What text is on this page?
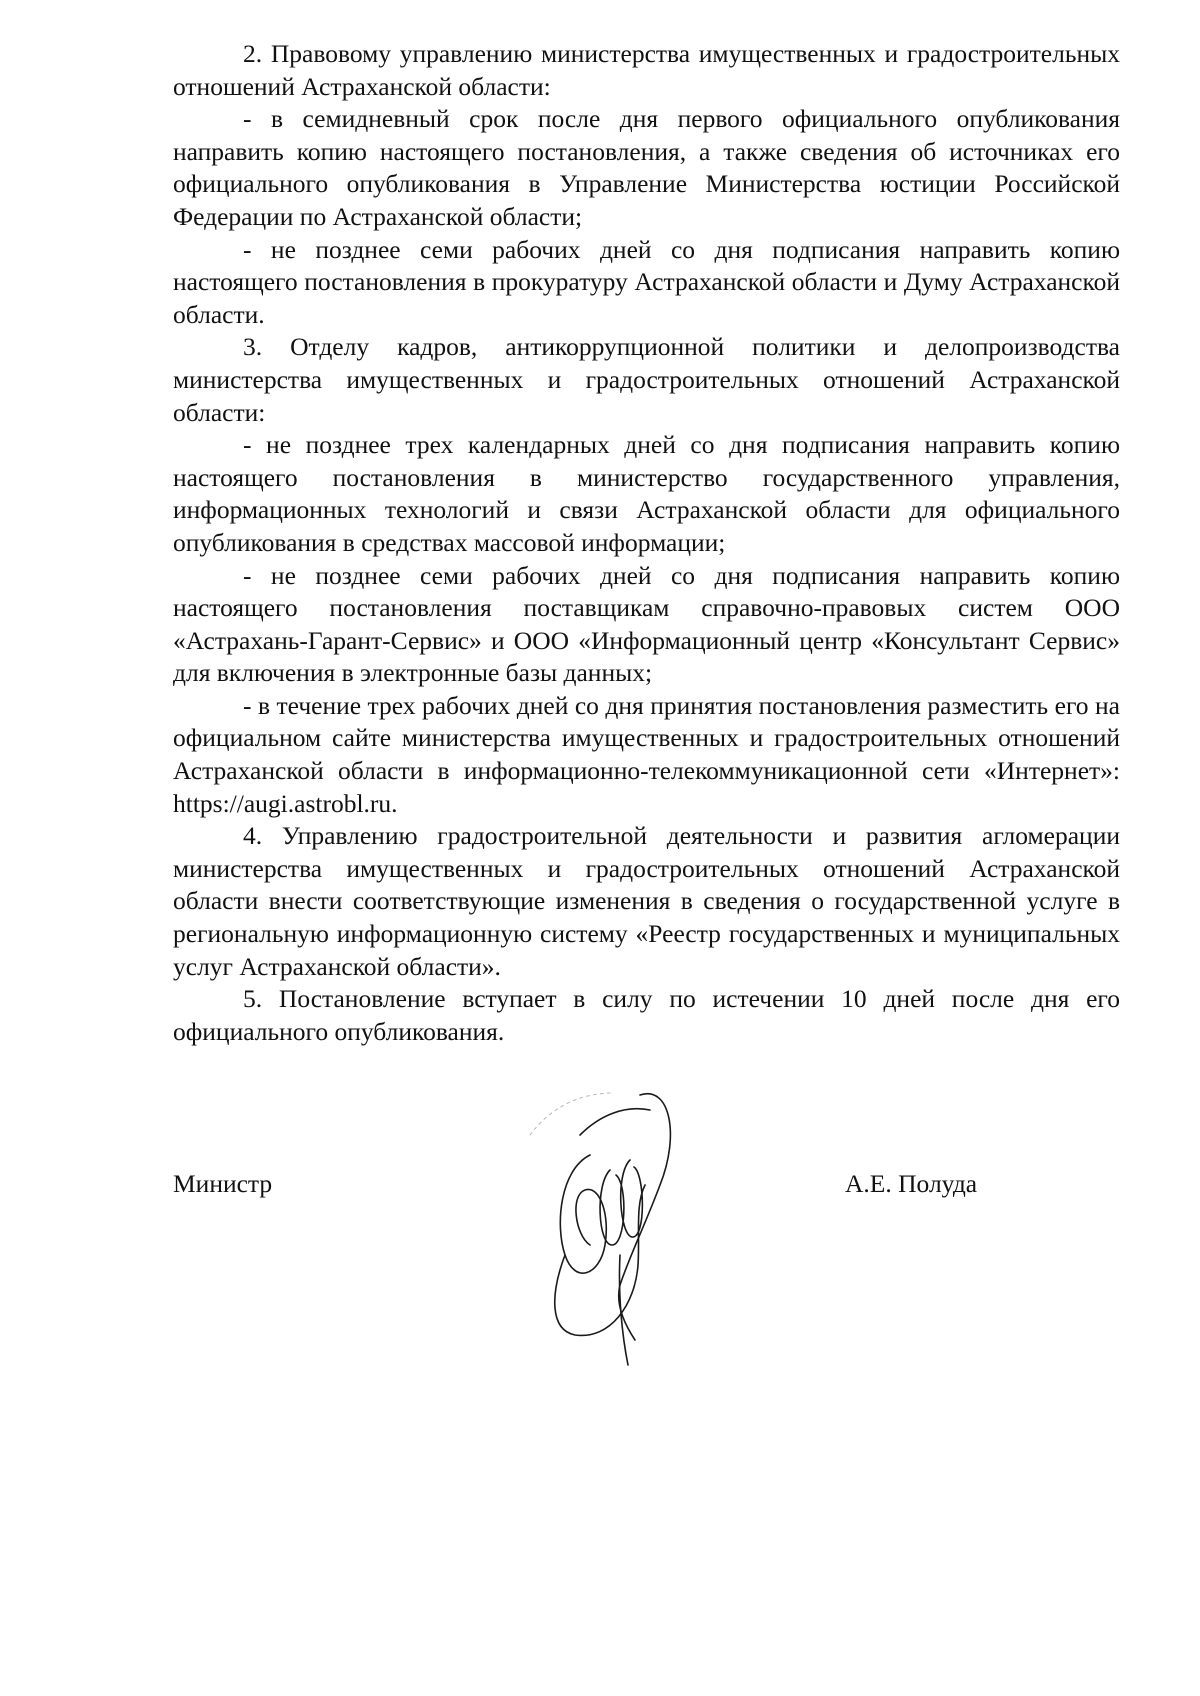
2. Правовому управлению министерства имущественных и градостроительных отношений Астраханской области:

- в семидневный срок после дня первого официального опубликования направить копию настоящего постановления, а также сведения об источниках его официального опубликования в Управление Министерства юстиции Российской Федерации по Астраханской области;

- не позднее семи рабочих дней со дня подписания направить копию настоящего постановления в прокуратуру Астраханской области и Думу Астраханской области.

3. Отделу кадров, антикоррупционной политики и делопроизводства министерства имущественных и градостроительных отношений Астраханской области:

- не позднее трех календарных дней со дня подписания направить копию настоящего постановления в министерство государственного управления, информационных технологий и связи Астраханской области для официального опубликования в средствах массовой информации;

- не позднее семи рабочих дней со дня подписания направить копию настоящего постановления поставщикам справочно-правовых систем ООО «Астрахань-Гарант-Сервис» и ООО «Информационный центр «Консультант Сервис» для включения в электронные базы данных;

- в течение трех рабочих дней со дня принятия постановления разместить его на официальном сайте министерства имущественных и градостроительных отношений Астраханской области в информационно-телекоммуникационной сети «Интернет»: https://augi.astrobl.ru.

4. Управлению градостроительной деятельности и развития агломерации министерства имущественных и градостроительных отношений Астраханской области внести соответствующие изменения в сведения о государственной услуге в региональную информационную систему «Реестр государственных и муниципальных услуг Астраханской области».

5. Постановление вступает в силу по истечении 10 дней после дня его официального опубликования.

Министр	А.Е. Полуда
